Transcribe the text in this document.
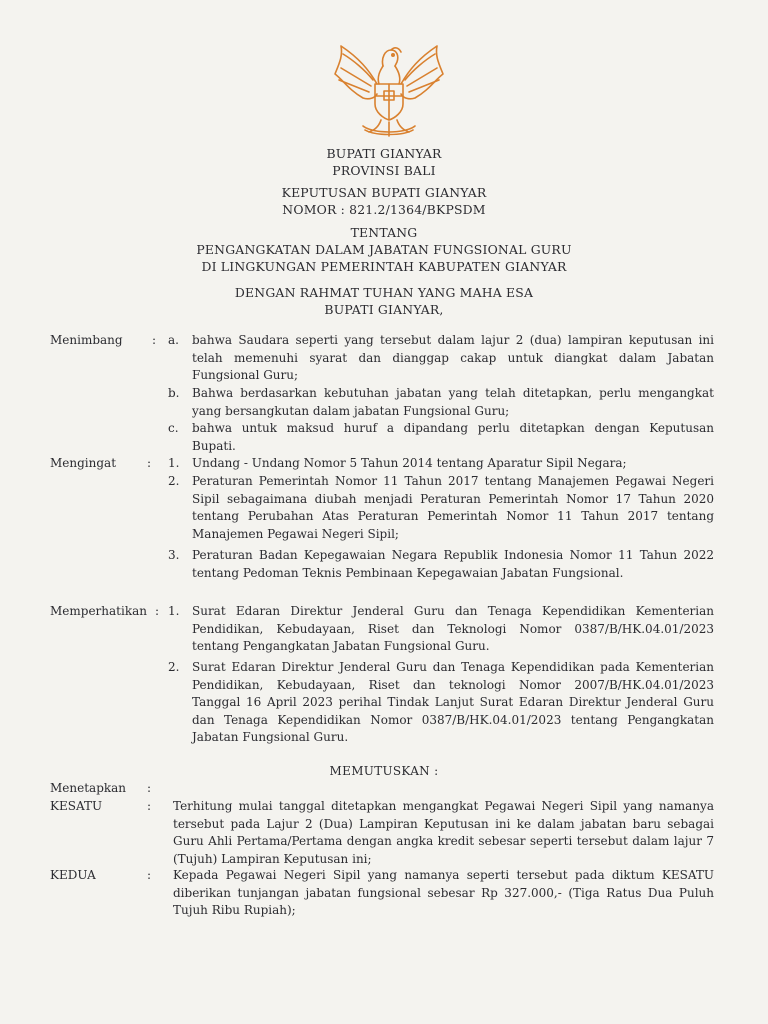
BUPATI GIANYAR
PROVINSI BALI
KEPUTUSAN BUPATI GIANYAR
NOMOR : 821.2/1364/BKPSDM
TENTANG
PENGANGKATAN DALAM JABATAN FUNGSIONAL GURU
DI LINGKUNGAN PEMERINTAH KABUPATEN GIANYAR
DENGAN RAHMAT TUHAN YANG MAHA ESA
BUPATI GIANYAR,
Menimbang : a.	bahwa Saudara seperti yang tersebut dalam lajur 2 (dua) lampiran keputusan ini
telah memenuhi syarat dan dianggap cakap untuk diangkat dalam Jabatan
Fungsional Guru;
b.	Bahwa berdasarkan kebutuhan jabatan yang telah ditetapkan, perlu mengangkat
yang bersangkutan dalam jabatan Fungsional Guru;
c.	bahwa untuk maksud huruf a dipandang perlu ditetapkan dengan Keputusan
Bupati.
Mengingat	: 1.	Undang - Undang Nomor 5 Tahun 2014 tentang Aparatur Sipil Negara;
2.	Peraturan Pemerintah Nomor 11 Tahun 2017 tentang Manajemen Pegawai Negeri
Sipil sebagaimana diubah menjadi Peraturan Pemerintah Nomor 17 Tahun 2020
tentang Perubahan Atas Peraturan Pemerintah Nomor 11 Tahun 2017 tentang
Manajemen Pegawai Negeri Sipil;
3.	Peraturan Badan Kepegawaian Negara Republik Indonesia Nomor 11 Tahun 2022
tentang Pedoman Teknis Pembinaan Kepegawaian Jabatan Fungsional.
Memperhatikan : 1.	Surat Edaran Direktur Jenderal Guru dan Tenaga Kependidikan Kementerian
Pendidikan, Kebudayaan, Riset dan Teknologi Nomor 0387/B/HK.04.01/2023
tentang Pengangkatan Jabatan Fungsional Guru.
2.	Surat Edaran Direktur Jenderal Guru dan Tenaga Kependidikan pada Kementerian
Pendidikan, Kebudayaan, Riset dan teknologi Nomor 2007/B/HK.04.01/2023
Tanggal 16 April 2023 perihal Tindak Lanjut Surat Edaran Direktur Jenderal Guru
dan Tenaga Kependidikan Nomor 0387/B/HK.04.01/2023 tentang Pengangkatan
Jabatan Fungsional Guru.
MEMUTUSKAN :
Menetapkan :
KESATU	: Terhitung mulai tanggal ditetapkan mengangkat Pegawai Negeri Sipil yang namanya
tersebut pada Lajur 2 (Dua) Lampiran Keputusan ini ke dalam jabatan baru sebagai
Guru Ahli Pertama/Pertama dengan angka kredit sebesar seperti tersebut dalam lajur 7
(Tujuh) Lampiran Keputusan ini;
KEDUA	: Kepada Pegawai Negeri Sipil yang namanya seperti tersebut pada diktum KESATU
diberikan tunjangan jabatan fungsional sebesar Rp 327.000,- (Tiga Ratus Dua Puluh
Tujuh Ribu Rupiah);
